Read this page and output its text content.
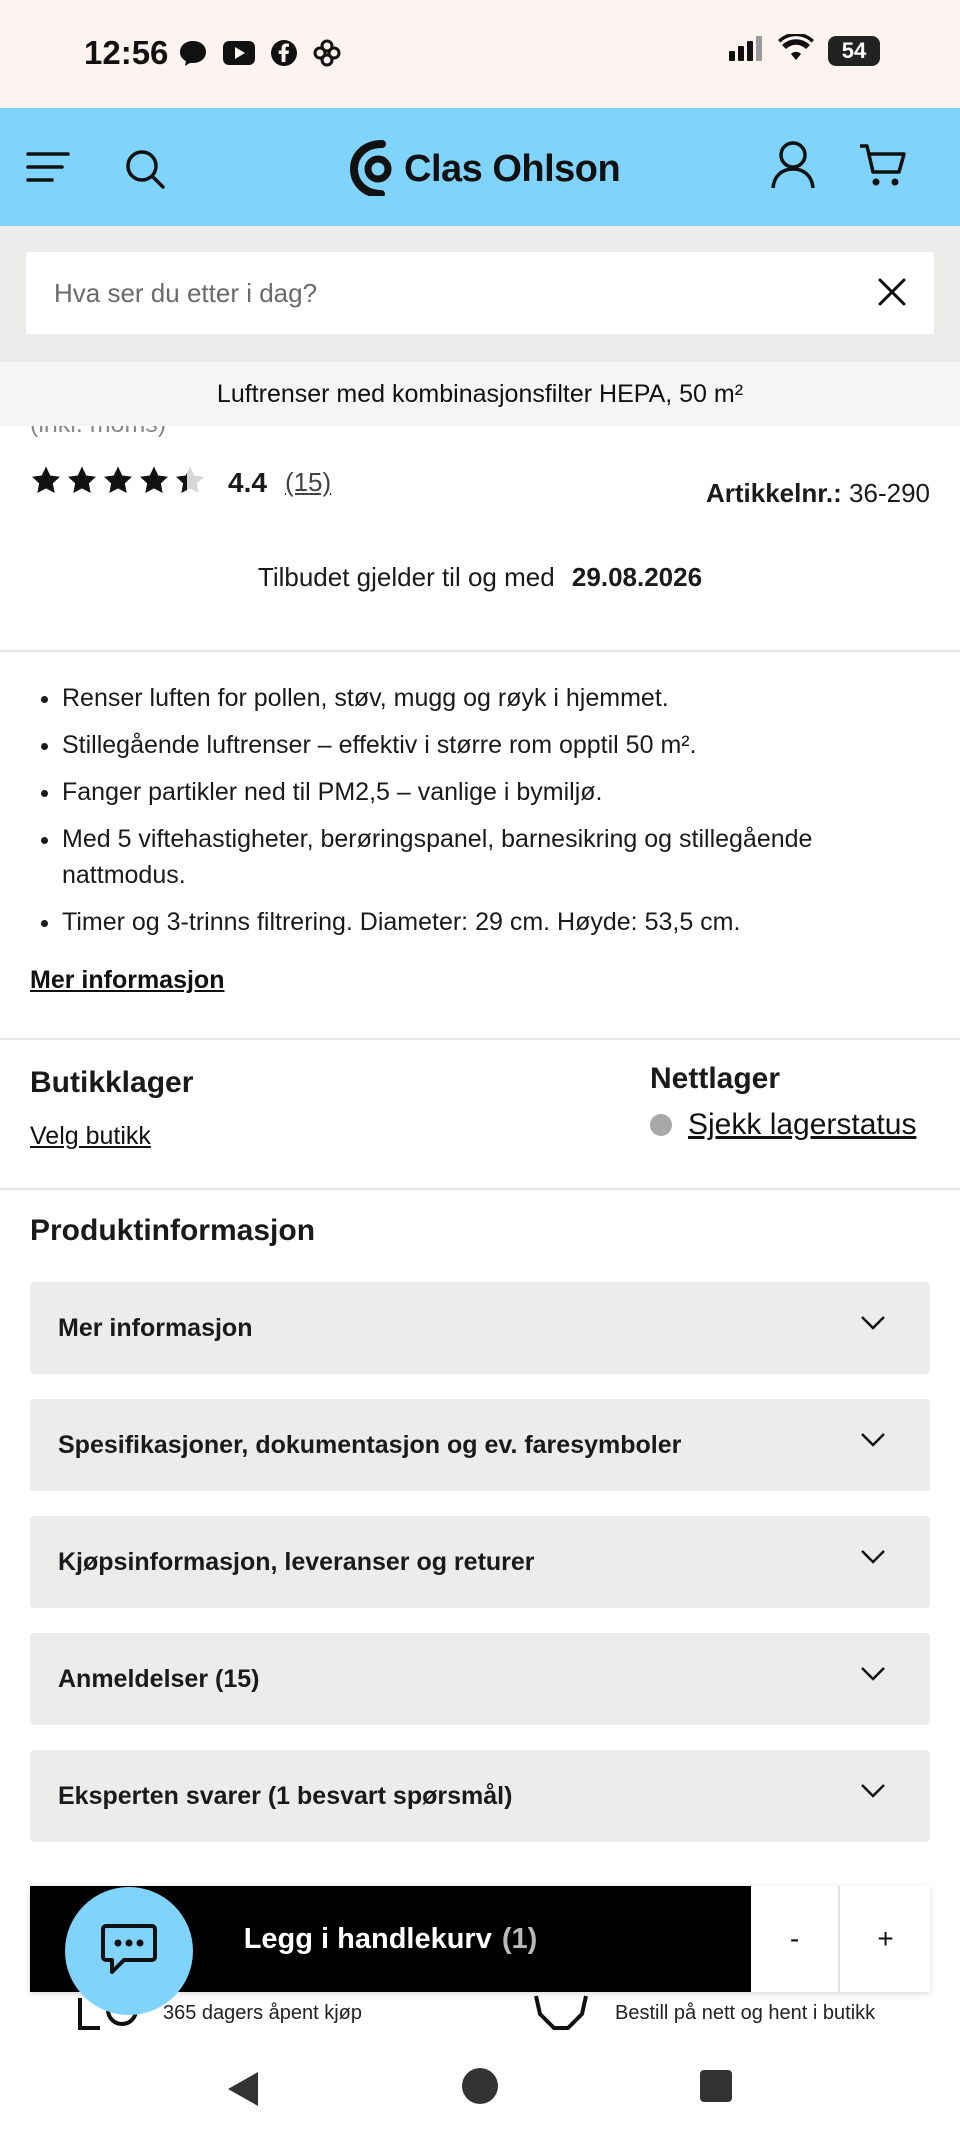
12:56	54
Clas Ohlson
Hva ser du etter i dag?
Luftrenser med kombinasjonsfilter HEPA, 50 m²
4.4 (15)	Artikkelnr.: 36-290
Tilbudet gjelder til og med 29.08.2026
• Renser luften for pollen, støv, mugg og røyk i hjemmet.
• Stillegående luftrenser – effektiv i større rom opptil 50 m².
• Fanger partikler ned til PM2,5 – vanlige i bymiljø.
• Med 5 viftehastigheter, berøringspanel, barnesikring og stillegående nattmodus.
• Timer og 3-trinns filtrering. Diameter: 29 cm. Høyde: 53,5 cm.
Mer informasjon
Butikklager
Velg butikk
Nettlager
Sjekk lagerstatus
Produktinformasjon
Mer informasjon
Spesifikasjoner, dokumentasjon og ev. faresymboler
Kjøpsinformasjon, leveranser og returer
Anmeldelser (15)
Eksperten svarer (1 besvart spørsmål)
365 dagers åpent kjøp	Bestill på nett og hent i butikk
Legg i handlekurv (1)	-	+
